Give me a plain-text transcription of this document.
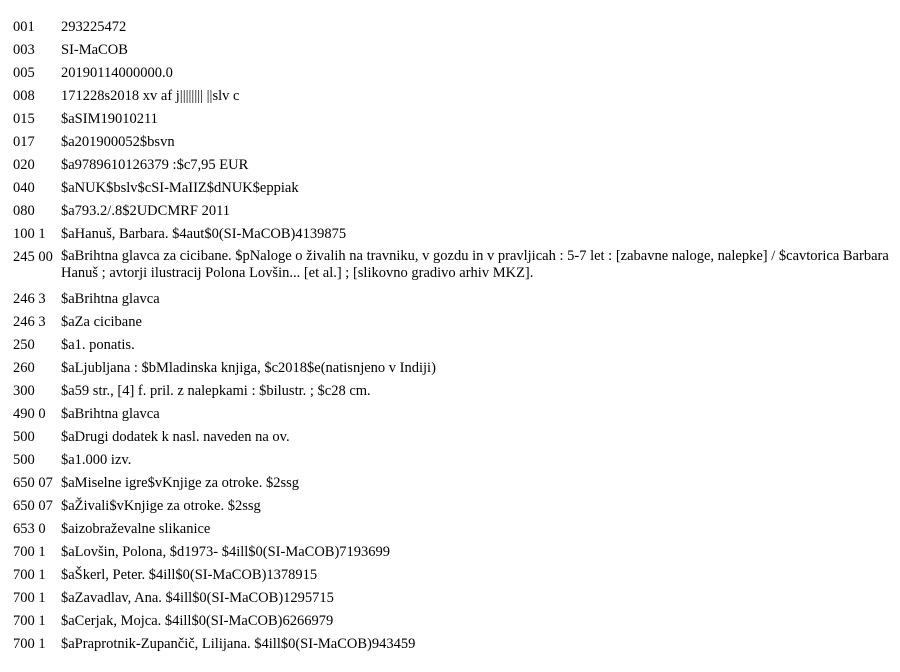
001	293225472
003	SI-MaCOB
005	20190114000000.0
008	171228s2018 xv af j|||||||| ||slv c
015	$aSIM19010211
017	$a201900052$bsvn
020	$a9789610126379 :$c7,95 EUR
040	$aNUK$bslv$cSI-MaIIZ$dNUK$eppiak
080	$a793.2/.8$2UDCMRF 2011
100 1	$aHanuš, Barbara. $4aut$0(SI-MaCOB)4139875
245 00 $aBrihtna glavca za cicibane. $pNaloge o živalih na travniku, v gozdu in v pravljicah : 5-7 let : [zabavne naloge, nalepke] / $cavtorica Barbara Hanuš ; avtorji ilustracij Polona Lovšin... [et al.] ; [slikovno gradivo arhiv MKZ].
246 3	$aBrihtna glavca
246 3	$aZa cicibane
250	$a1. ponatis.
260	$aLjubljana : $bMladinska knjiga, $c2018$e(natisnjeno v Indiji)
300	$a59 str., [4] f. pril. z nalepkami : $bilustr. ; $c28 cm.
490 0	$aBrihtna glavca
500	$aDrugi dodatek k nasl. naveden na ov.
500	$a1.000 izv.
650 07 $aMiselne igre$vKnjige za otroke. $2ssg
650 07 $aŽivali$vKnjige za otroke. $2ssg
653 0	$aizobraževalne slikanice
700 1	$aLovšin, Polona, $d1973- $4ill$0(SI-MaCOB)7193699
700 1	$aŠkerl, Peter. $4ill$0(SI-MaCOB)1378915
700 1	$aZavadlav, Ana. $4ill$0(SI-MaCOB)1295715
700 1	$aCerjak, Mojca. $4ill$0(SI-MaCOB)6266979
700 1	$aPraprotnik-Zupančič, Lilijana. $4ill$0(SI-MaCOB)943459
